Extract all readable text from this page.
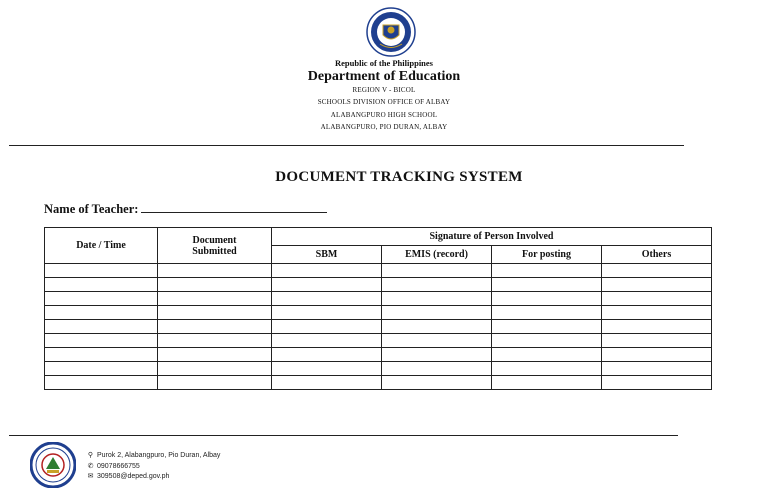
Republic of the Philippines
Department of Education
REGION V - BICOL
SCHOOLS DIVISION OFFICE OF ALBAY
ALABANGPURO HIGH SCHOOL
ALABANGPURO, PIO DURAN, ALBAY
DOCUMENT TRACKING SYSTEM
Name of Teacher:
Date / Time	Document Submitted	Signature of Person Involved			
		SBM	EMIS (record)	For posting	Others

⚲ Purok 2, Alabangpuro, Pio Duran, Albay
✆ 09078666755
✉ 309508@deped.gov.ph
